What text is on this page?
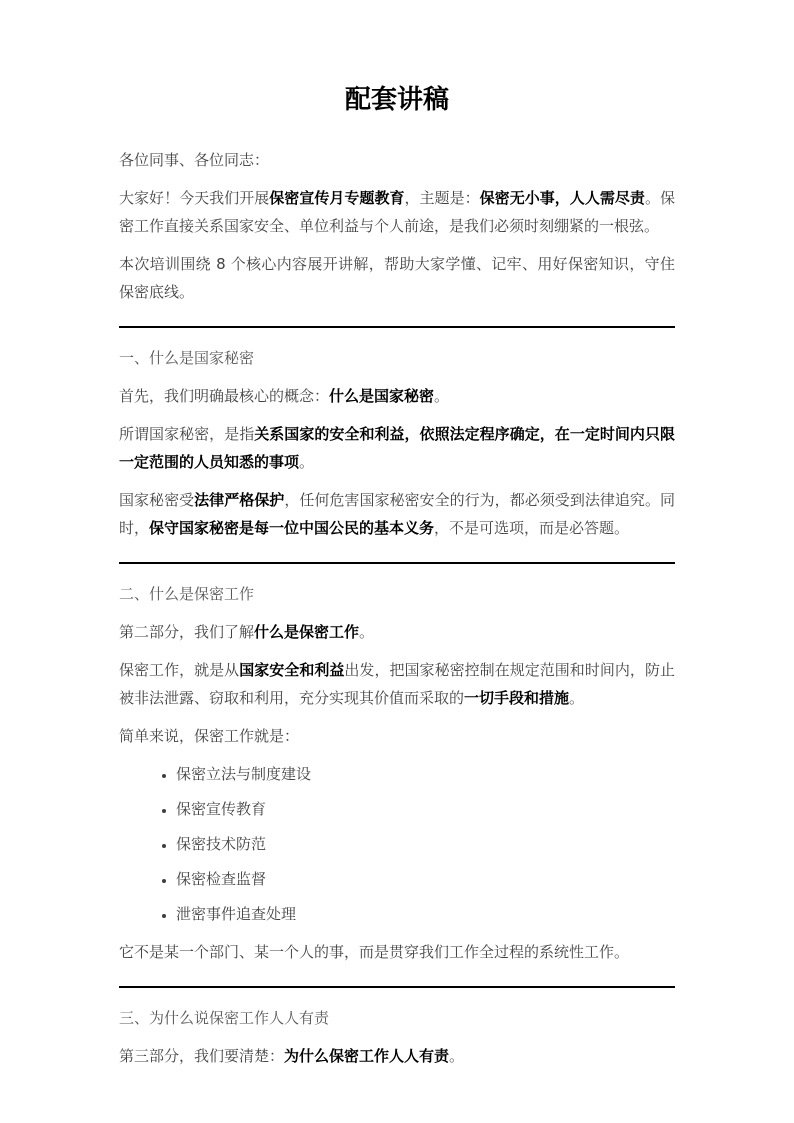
配套讲稿

各位同事、各位同志：

大家好！今天我们开展保密宣传月专题教育，主题是：保密无小事，人人需尽责。保密工作直接关系国家安全、单位利益与个人前途，是我们必须时刻绷紧的一根弦。

本次培训围绕 8 个核心内容展开讲解，帮助大家学懂、记牢、用好保密知识，守住保密底线。

一、什么是国家秘密

首先，我们明确最核心的概念：什么是国家秘密。

所谓国家秘密，是指关系国家的安全和利益，依照法定程序确定，在一定时间内只限一定范围的人员知悉的事项。

国家秘密受法律严格保护，任何危害国家秘密安全的行为，都必须受到法律追究。同时，保守国家秘密是每一位中国公民的基本义务，不是可选项，而是必答题。

二、什么是保密工作

第二部分，我们了解什么是保密工作。

保密工作，就是从国家安全和利益出发，把国家秘密控制在规定范围和时间内，防止被非法泄露、窃取和利用，充分实现其价值而采取的一切手段和措施。

简单来说，保密工作就是：

• 保密立法与制度建设
• 保密宣传教育
• 保密技术防范
• 保密检查监督
• 泄密事件追查处理

它不是某一个部门、某一个人的事，而是贯穿我们工作全过程的系统性工作。

三、为什么说保密工作人人有责

第三部分，我们要清楚：为什么保密工作人人有责。
